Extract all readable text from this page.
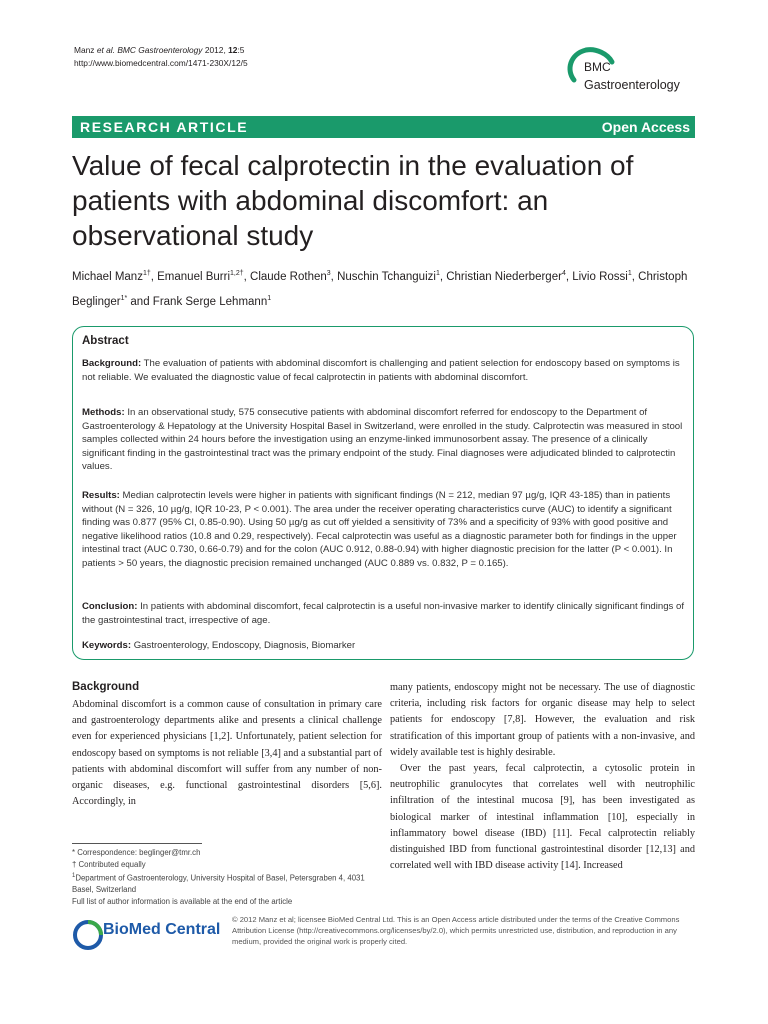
Manz et al. BMC Gastroenterology 2012, 12:5
http://www.biomedcentral.com/1471-230X/12/5	BMC
Gastroenterology
RESEARCH ARTICLE	Open Access
Value of fecal calprotectin in the evaluation of patients with abdominal discomfort: an observational study
Michael Manz$^{1\dagger}$, Emanuel Burri$^{1,2\dagger}$, Claude Rothen$^3$, Nuschin Tchanguizi$^1$, Christian Niederberger$^4$, Livio Rossi$^1$, Christoph Beglinger$^{1*}$ and Frank Serge Lehmann$^1$
Abstract
Background: The evaluation of patients with abdominal discomfort is challenging and patient selection for endoscopy based on symptoms is not reliable. We evaluated the diagnostic value of fecal calprotectin in patients with abdominal discomfort.
Methods: In an observational study, 575 consecutive patients with abdominal discomfort referred for endoscopy to the Department of Gastroenterology & Hepatology at the University Hospital Basel in Switzerland, were enrolled in the study. Calprotectin was measured in stool samples collected within 24 hours before the investigation using an enzyme-linked immunosorbent assay. The presence of a clinically significant finding in the gastrointestinal tract was the primary endpoint of the study. Final diagnoses were adjudicated blinded to calprotectin values.
Results: Median calprotectin levels were higher in patients with significant findings (N = 212, median 97 µg/g, IQR 43-185) than in patients without (N = 326, 10 µg/g, IQR 10-23, P < 0.001). The area under the receiver operating characteristics curve (AUC) to identify a significant finding was 0.877 (95% CI, 0.85-0.90). Using 50 µg/g as cut off yielded a sensitivity of 73% and a specificity of 93% with good positive and negative likelihood ratios (10.8 and 0.29, respectively). Fecal calprotectin was useful as a diagnostic parameter both for findings in the upper intestinal tract (AUC 0.730, 0.66-0.79) and for the colon (AUC 0.912, 0.88-0.94) with higher diagnostic precision for the latter (P < 0.001). In patients > 50 years, the diagnostic precision remained unchanged (AUC 0.889 vs. 0.832, P = 0.165).
Conclusion: In patients with abdominal discomfort, fecal calprotectin is a useful non-invasive marker to identify clinically significant findings of the gastrointestinal tract, irrespective of age.
Keywords: Gastroenterology, Endoscopy, Diagnosis, Biomarker
Background
Abdominal discomfort is a common cause of consultation in primary care and gastroenterology departments alike and presents a clinical challenge even for experienced physicians [1,2]. Unfortunately, patient selection for endoscopy based on symptoms is not reliable [3,4] and a substantial part of patients with abdominal discomfort will suffer from any number of non-organic diseases, e.g. functional gastrointestinal disorders [5,6]. Accordingly, in
many patients, endoscopy might not be necessary. The use of diagnostic criteria, including risk factors for organic disease may help to select patients for endoscopy [7,8]. However, the evaluation and risk stratification of this important group of patients with a non-invasive, and widely available test is highly desirable.
Over the past years, fecal calprotectin, a cytosolic protein in neutrophilic granulocytes that correlates well with neutrophilic infiltration of the intestinal mucosa [9], has been investigated as biological marker of intestinal inflammation [10], especially in inflammatory bowel disease (IBD) [11]. Fecal calprotectin reliably distinguished IBD from functional gastrointestinal disorder [12,13] and correlated well with IBD disease activity [14]. Increased
* Correspondence: beglinger@tmr.ch
† Contributed equally
$^1$Department of Gastroenterology, University Hospital of Basel, Petersgraben 4, 4031 Basel, Switzerland
Full list of author information is available at the end of the article
BioMed Central
© 2012 Manz et al; licensee BioMed Central Ltd. This is an Open Access article distributed under the terms of the Creative Commons Attribution License (http://creativecommons.org/licenses/by/2.0), which permits unrestricted use, distribution, and reproduction in any medium, provided the original work is properly cited.
